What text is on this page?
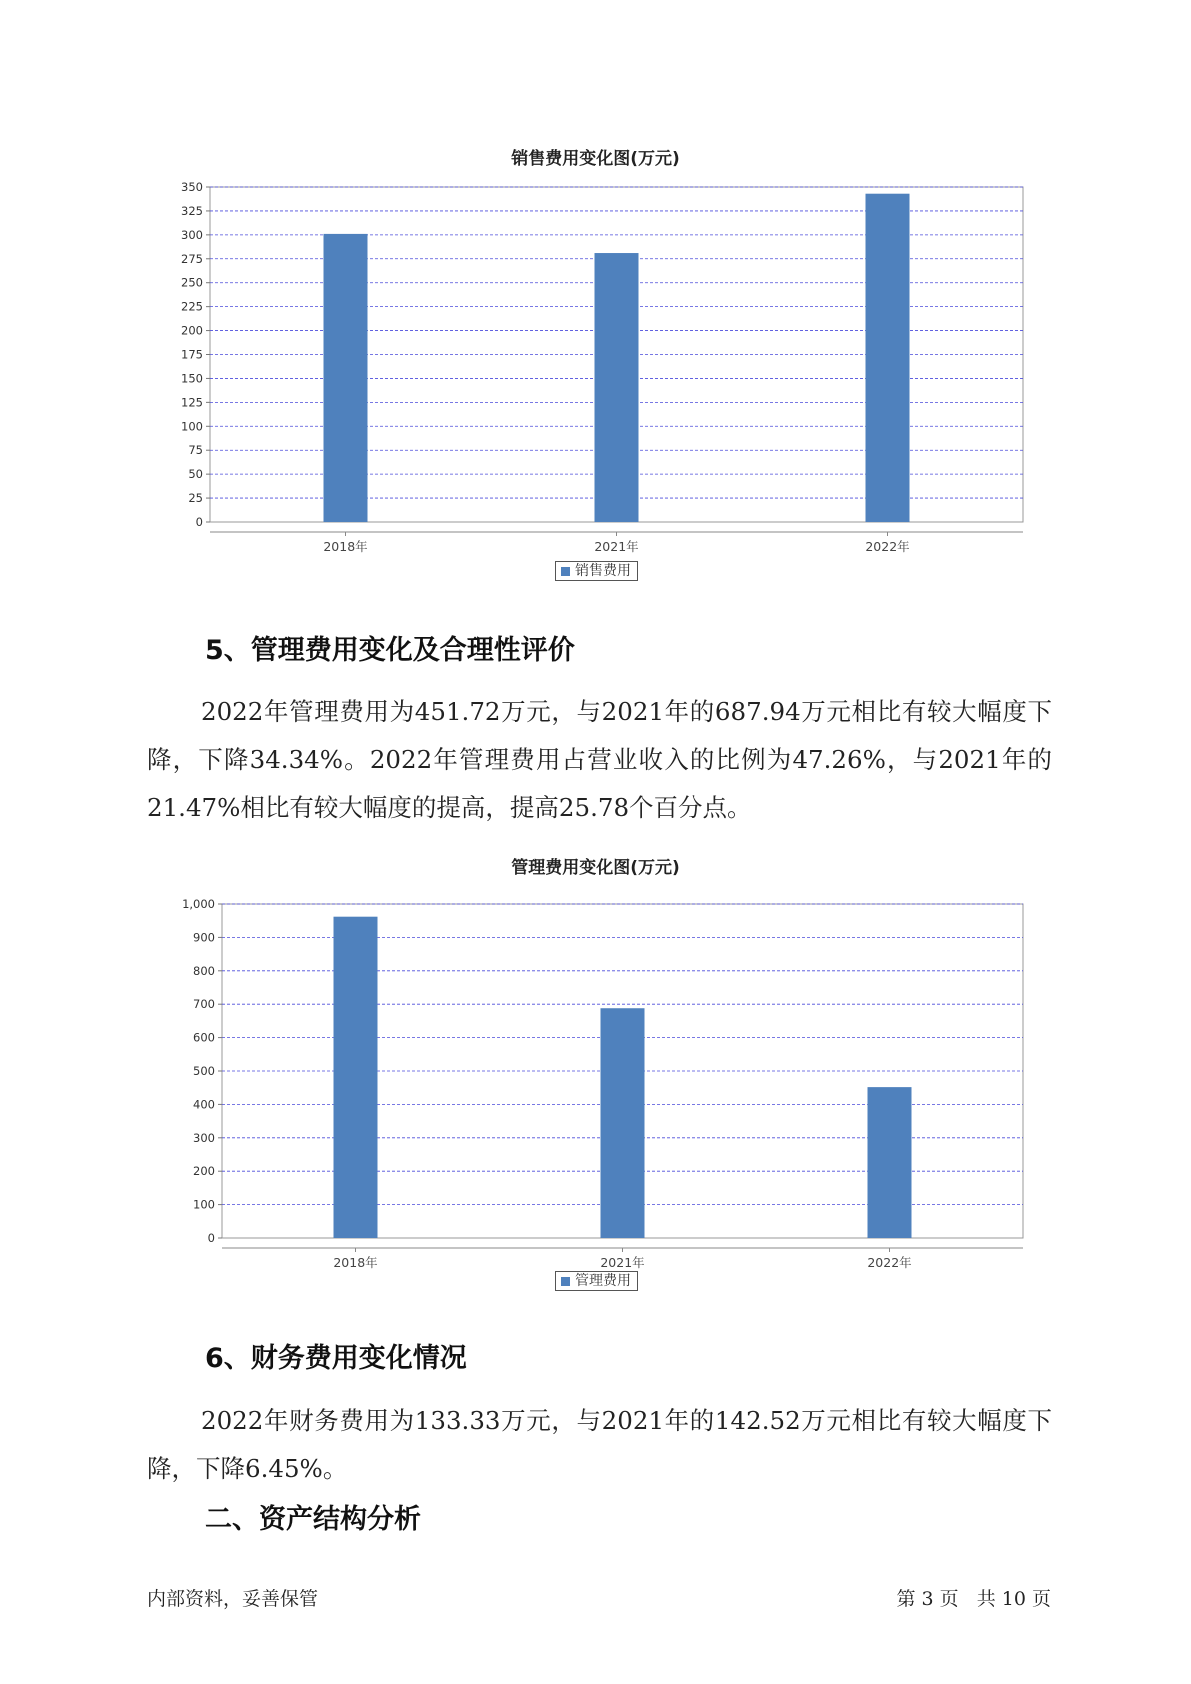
销售费用变化图(万元)
0
25
50
75
100
125
150
175
200
225
250
275
300
325
350
2018年	2021年	2022年
销售费用
5、管理费用变化及合理性评价

2022年管理费用为451.72万元，与2021年的687.94万元相比有较大幅度下降，下降34.34%。2022年管理费用占营业收入的比例为47.26%，与2021年的21.47%相比有较大幅度的提高，提高25.78个百分点。

管理费用变化图(万元)
0
100
200
300
400
500
600
700
800
900
1,000
2018年	2021年	2022年
管理费用
6、财务费用变化情况

2022年财务费用为133.33万元，与2021年的142.52万元相比有较大幅度下降，下降6.45%。

二、资产结构分析
内部资料，妥善保管	第 3 页   共 10 页
